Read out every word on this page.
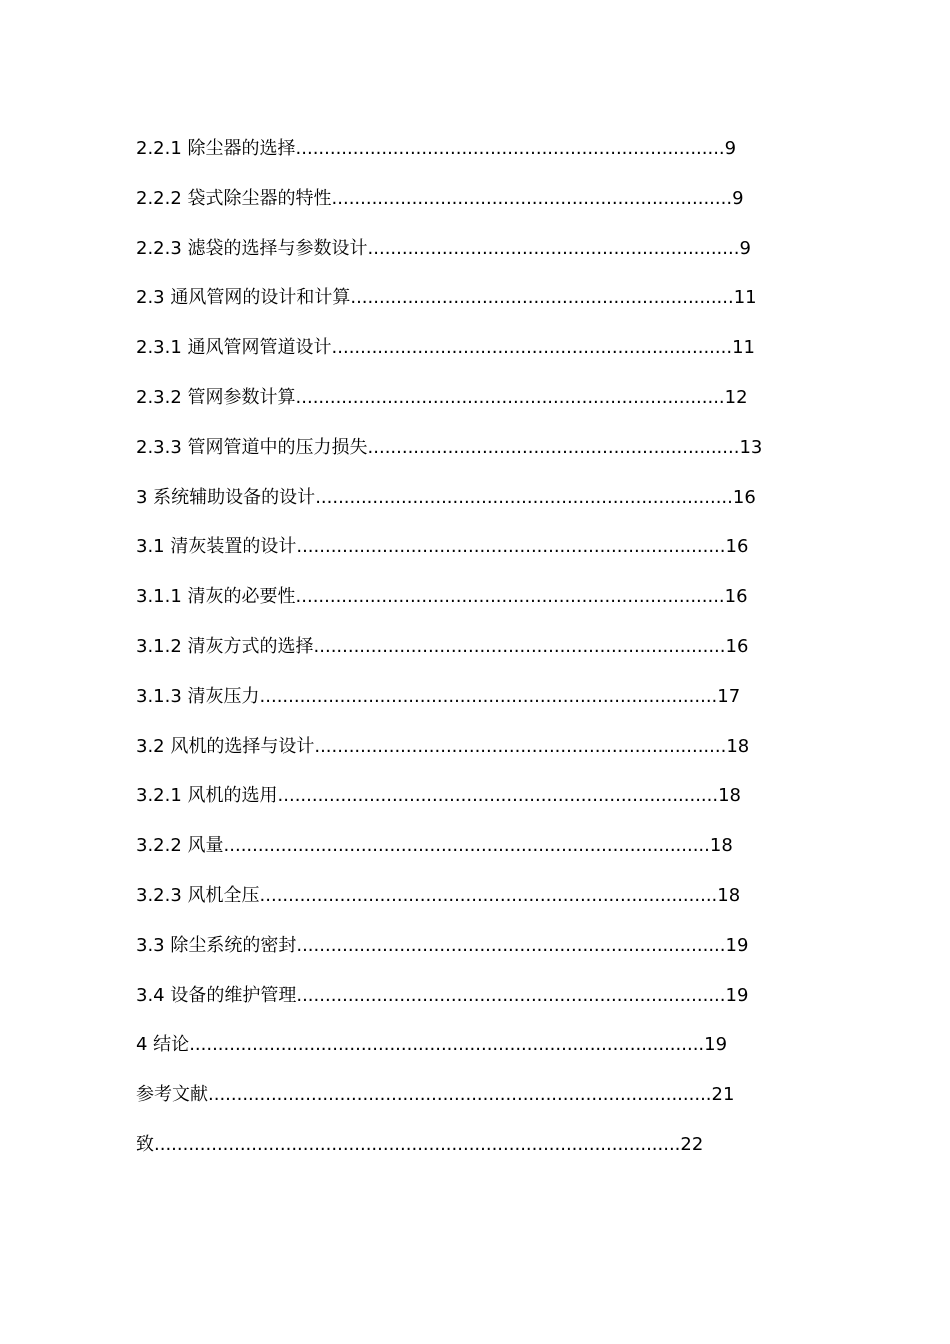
2.2.1 除尘器的选择 ........................................................................... 9
2.2.2 袋式除尘器的特性 ...................................................................... 9
2.2.3 滤袋的选择与参数设计 ................................................................. 9
2.3 通风管网的设计和计算 ................................................................... 11
2.3.1 通风管网管道设计 ...................................................................... 11
2.3.2 管网参数计算 ........................................................................... 12
2.3.3 管网管道中的压力损失 ................................................................. 13
3 系统辅助设备的设计 ......................................................................... 16
3.1 清灰装置的设计 ........................................................................... 16
3.1.1 清灰的必要性 ........................................................................... 16
3.1.2 清灰方式的选择 ........................................................................ 16
3.1.3 清灰压力 ................................................................................ 17
3.2 风机的选择与设计 ........................................................................ 18
3.2.1 风机的选用 ............................................................................. 18
3.2.2 风量 ..................................................................................... 18
3.2.3 风机全压 ................................................................................ 18
3.3 除尘系统的密封 ........................................................................... 19
3.4 设备的维护管理 ........................................................................... 19
4 结论 .......................................................................................... 19
参考文献 ........................................................................................ 21
致 ............................................................................................ 22
